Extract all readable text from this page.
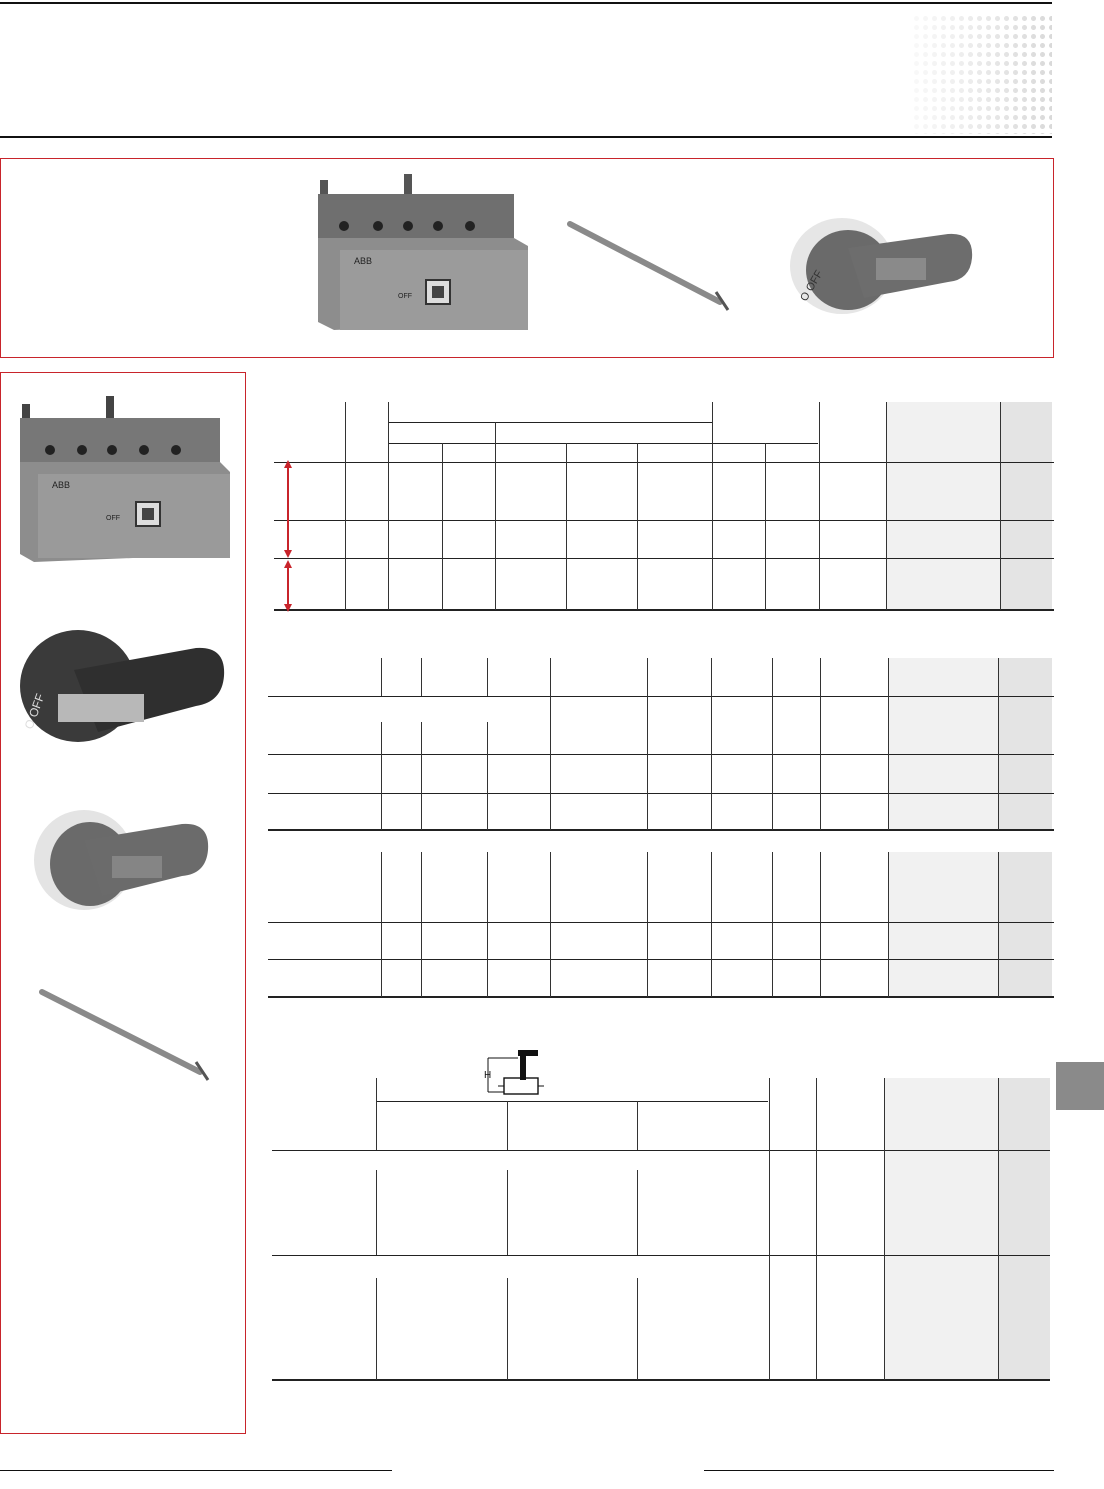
ABB
OFF	O OFF
ABB
OFF
O OFF
H
